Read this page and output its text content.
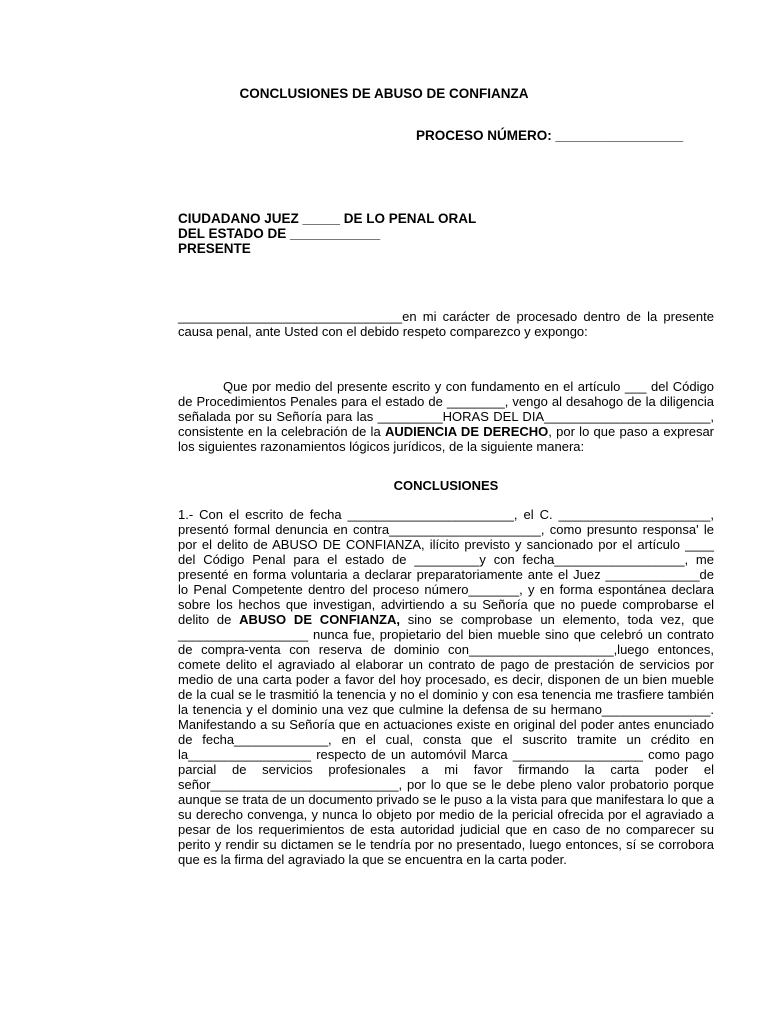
CONCLUSIONES DE ABUSO DE CONFIANZA
PROCESO NÚMERO: _________________
CIUDADANO JUEZ _____ DE LO PENAL ORAL
DEL ESTADO DE ____________
PRESENTE
_______________________________en mi carácter de procesado dentro de la presente causa penal, ante Usted con el debido respeto comparezco y expongo:
Que por medio del presente escrito y con fundamento en el artículo ___ del Código de Procedimientos Penales para el estado de ________, vengo al desahogo de la diligencia señalada por su Señoría para las _________HORAS DEL DIA_______________________, consistente en la celebración de la AUDIENCIA DE DERECHO, por lo que paso a expresar los siguientes razonamientos lógicos jurídicos, de la siguiente manera:
CONCLUSIONES
1.- Con el escrito de fecha _______________________, el C. _____________________, presentó formal denuncia en contra_____________________, como presunto responsa' le por el delito de ABUSO DE CONFIANZA, ilícito previsto y sancionado por el artículo ____ del Código Penal para el estado de _________y con fecha__________________, me presenté en forma voluntaria a declarar preparatoriamente ante el Juez _____________de lo Penal Competente dentro del proceso número_______, y en forma espontánea declara sobre los hechos que investigan, advirtiendo a su Señoría que no puede comprobarse el delito de ABUSO DE CONFIANZA, sino se comprobase un elemento, toda vez, que __________________ nunca fue, propietario del bien mueble sino que celebró un contrato de compra-venta con reserva de dominio con____________________,luego entonces, comete delito el agraviado al elaborar un contrato de pago de prestación de servicios por medio de una carta poder a favor del hoy procesado, es decir, disponen de un bien mueble de la cual se le trasmitió la tenencia y no el dominio y con esa tenencia me trasfiere también la tenencia y el dominio una vez que culmine la defensa de su hermano_______________. Manifestando a su Señoría que en actuaciones existe en original del poder antes enunciado de fecha_____________, en el cual, consta que el suscrito tramite un crédito en la_________________ respecto de un automóvil Marca __________________ como pago parcial de servicios profesionales a mi favor firmando la carta poder el señor__________________________, por lo que se le debe pleno valor probatorio porque aunque se trata de un documento privado se le puso a la vista para que manifestara lo que a su derecho convenga, y nunca lo objeto por medio de la pericial ofrecida por el agraviado a pesar de los requerimientos de esta autoridad judicial que en caso de no comparecer su perito y rendir su dictamen se le tendría por no presentado, luego entonces, sí se corrobora que es la firma del agraviado la que se encuentra en la carta poder.
